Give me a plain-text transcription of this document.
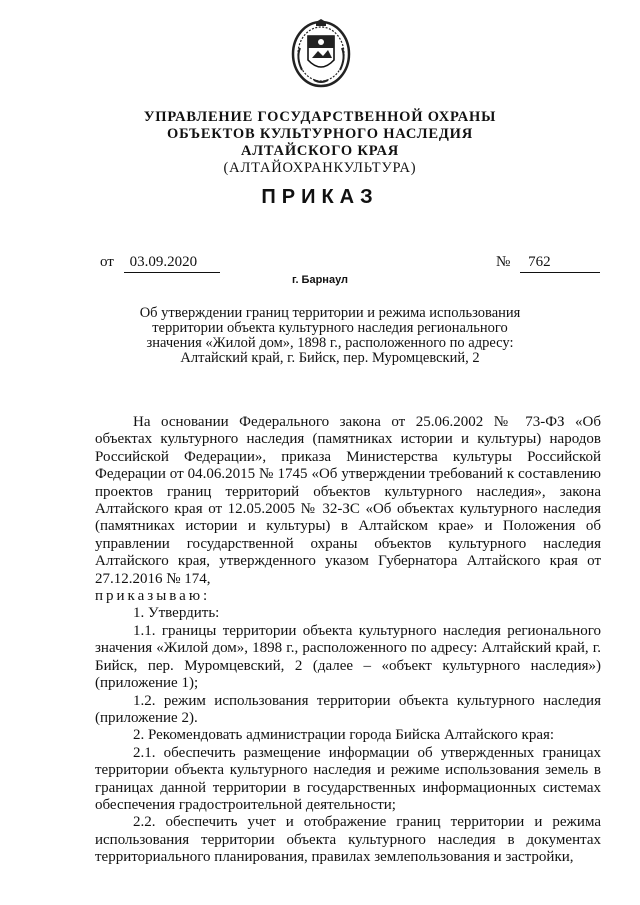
УПРАВЛЕНИЕ ГОСУДАРСТВЕННОЙ ОХРАНЫ
ОБЪЕКТОВ КУЛЬТУРНОГО НАСЛЕДИЯ
АЛТАЙСКОГО КРАЯ
(АЛТАЙОХРАНКУЛЬТУРА)
ПРИКАЗ
от 03.09.2020	№ 762
г. Барнаул
Об утверждении границ территории и режима использования
территории объекта культурного наследия регионального
значения «Жилой дом», 1898 г., расположенного по адресу:
Алтайский край, г. Бийск, пер. Муромцевский, 2

На основании Федерального закона от 25.06.2002 № 73-ФЗ «Об объектах культурного наследия (памятниках истории и культуры) народов Российской Федерации», приказа Министерства культуры Российской Федерации от 04.06.2015 № 1745 «Об утверждении требований к составлению проектов границ территорий объектов культурного наследия», закона Алтайского края от 12.05.2005 № 32-ЗС «Об объектах культурного наследия (памятниках истории и культуры) в Алтайском крае» и Положения об управлении государственной охраны объектов культурного наследия Алтайского края, утвержденного указом Губернатора Алтайского края от 27.12.2016 № 174,

приказываю:

1. Утвердить:

1.1. границы территории объекта культурного наследия регионального значения «Жилой дом», 1898 г., расположенного по адресу: Алтайский край, г. Бийск, пер. Муромцевский, 2 (далее – «объект культурного наследия») (приложение 1);

1.2. режим использования территории объекта культурного наследия (приложение 2).

2. Рекомендовать администрации города Бийска Алтайского края:

2.1. обеспечить размещение информации об утвержденных границах территории объекта культурного наследия и режиме использования земель в границах данной территории в государственных информационных системах обеспечения градостроительной деятельности;

2.2. обеспечить учет и отображение границ территории и режима использования территории объекта культурного наследия в документах территориального планирования, правилах землепользования и застройки,
